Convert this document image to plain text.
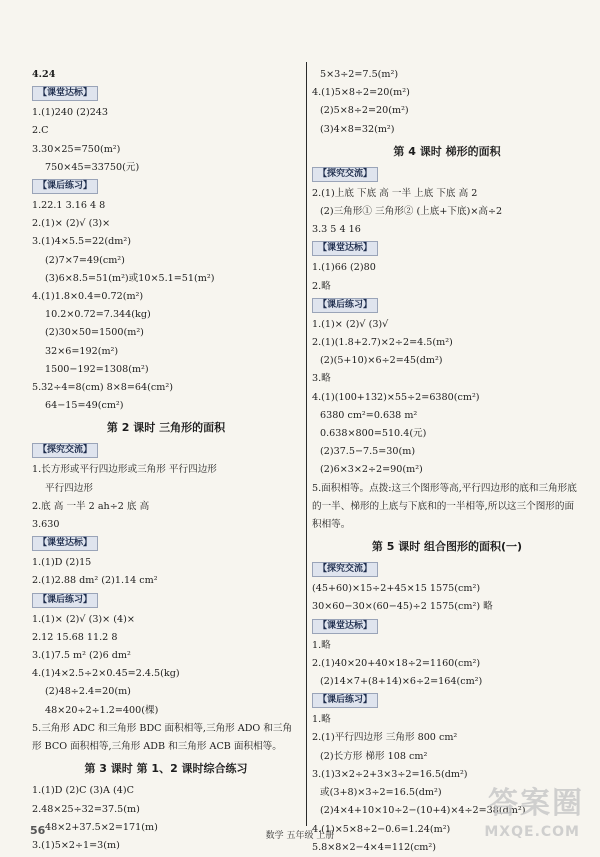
4.24
【课堂达标】
1.(1)240 (2)243
2.C
3.30×25=750(m²)
750×45=33750(元)
【课后练习】
1.22.1 3.16 4 8
2.(1)× (2)√ (3)×
3.(1)4×5.5=22(dm²)
(2)7×7=49(cm²)
(3)6×8.5=51(m²)或10×5.1=51(m²)
4.(1)1.8×0.4=0.72(m²)
10.2×0.72=7.344(kg)
(2)30×50=1500(m²)
32×6=192(m²)
1500−192=1308(m²)
5.32÷4=8(cm) 8×8=64(cm²)
64−15=49(cm²)
第 2 课时 三角形的面积
【探究交流】
1.长方形或平行四边形或三角形 平行四边形
平行四边形
2.底 高 一半 2 ah÷2 底 高
3.630
【课堂达标】
1.(1)D (2)15
2.(1)2.88 dm² (2)1.14 cm²
【课后练习】
1.(1)× (2)√ (3)× (4)×
2.12 15.68 11.2 8
3.(1)7.5 m² (2)6 dm²
4.(1)4×2.5÷2×0.45=2.4.5(kg)
(2)48÷2.4=20(m)
48×20÷2÷1.2=400(棵)
5.三角形 ADC 和三角形 BDC 面积相等,三角形 ADO 和三角形 BCO 面积相等,三角形 ADB 和三角形 ACB 面积相等。
第 3 课时 第 1、2 课时综合练习
1.(1)D (2)C (3)A (4)C
2.48×25÷32=37.5(m)
48×2+37.5×2=171(m)
3.(1)5×2÷1=3(m)
5×3÷2=7.5(m²)
4.(1)5×8÷2=20(m²)
(2)5×8÷2=20(m²)
(3)4×8=32(m²)
第 4 课时 梯形的面积
【探究交流】
2.(1)上底 下底 高 一半 上底 下底 高 2
(2)三角形① 三角形② (上底+下底)×高÷2
3.3 5 4 16
【课堂达标】
1.(1)66 (2)80
2.略
【课后练习】
1.(1)× (2)√ (3)√
2.(1)(1.8+2.7)×2÷2=4.5(m²)
(2)(5+10)×6÷2=45(dm²)
3.略
4.(1)(100+132)×55÷2=6380(cm²)
6380 cm²=0.638 m²
0.638×800=510.4(元)
(2)37.5−7.5=30(m)
(2)6×3×2÷2=90(m²)
5.面积相等。点拨:这三个图形等高,平行四边形的底和三角形底的一半、梯形的上底与下底和的一半相等,所以这三个图形的面积相等。
第 5 课时 组合图形的面积(一)
【探究交流】
(45+60)×15÷2+45×15 1575(cm²)
30×60−30×(60−45)÷2 1575(cm²) 略
【课堂达标】
1.略
2.(1)40×20+40×18÷2=1160(cm²)
(2)14×7+(8+14)×6÷2=164(cm²)
【课后练习】
1.略
2.(1)平行四边形 三角形 800 cm²
(2)长方形 梯形 108 cm²
3.(1)3×2÷2+3×3÷2=16.5(dm²)
或(3+8)×3÷2=16.5(dm²)
(2)4×4+10×10÷2−(10+4)×4÷2=38(dm²)
4.(1)×5×8÷2−0.6=1.24(m²)
5.8×8×2−4×4=112(cm²)
56	数学 五年级 上册
答案圈
MXQE.COM
